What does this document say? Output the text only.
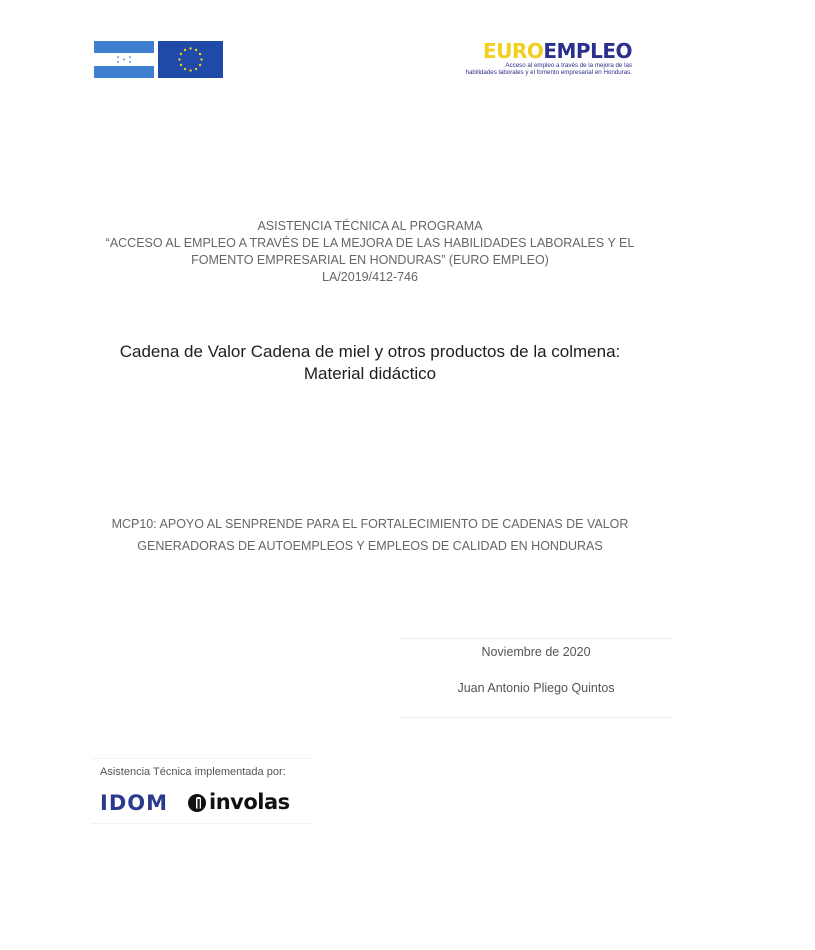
EUROEMPLEO
Acceso al empleo a través de la mejora de las
habilidades laborales y el fomento empresarial en Honduras.
ASISTENCIA TÉCNICA AL PROGRAMA
“ACCESO AL EMPLEO A TRAVÉS DE LA MEJORA DE LAS HABILIDADES LABORALES Y EL
FOMENTO EMPRESARIAL EN HONDURAS” (EURO EMPLEO)
LA/2019/412-746
Cadena de Valor Cadena de miel y otros productos de la colmena:
Material didáctico
MCP10: APOYO AL SENPRENDE PARA EL FORTALECIMIENTO DE CADENAS DE VALOR
GENERADORAS DE AUTOEMPLEOS Y EMPLEOS DE CALIDAD EN HONDURAS
Noviembre de 2020
Juan Antonio Pliego Quintos
Asistencia Técnica implementada por:
IDOM involas
